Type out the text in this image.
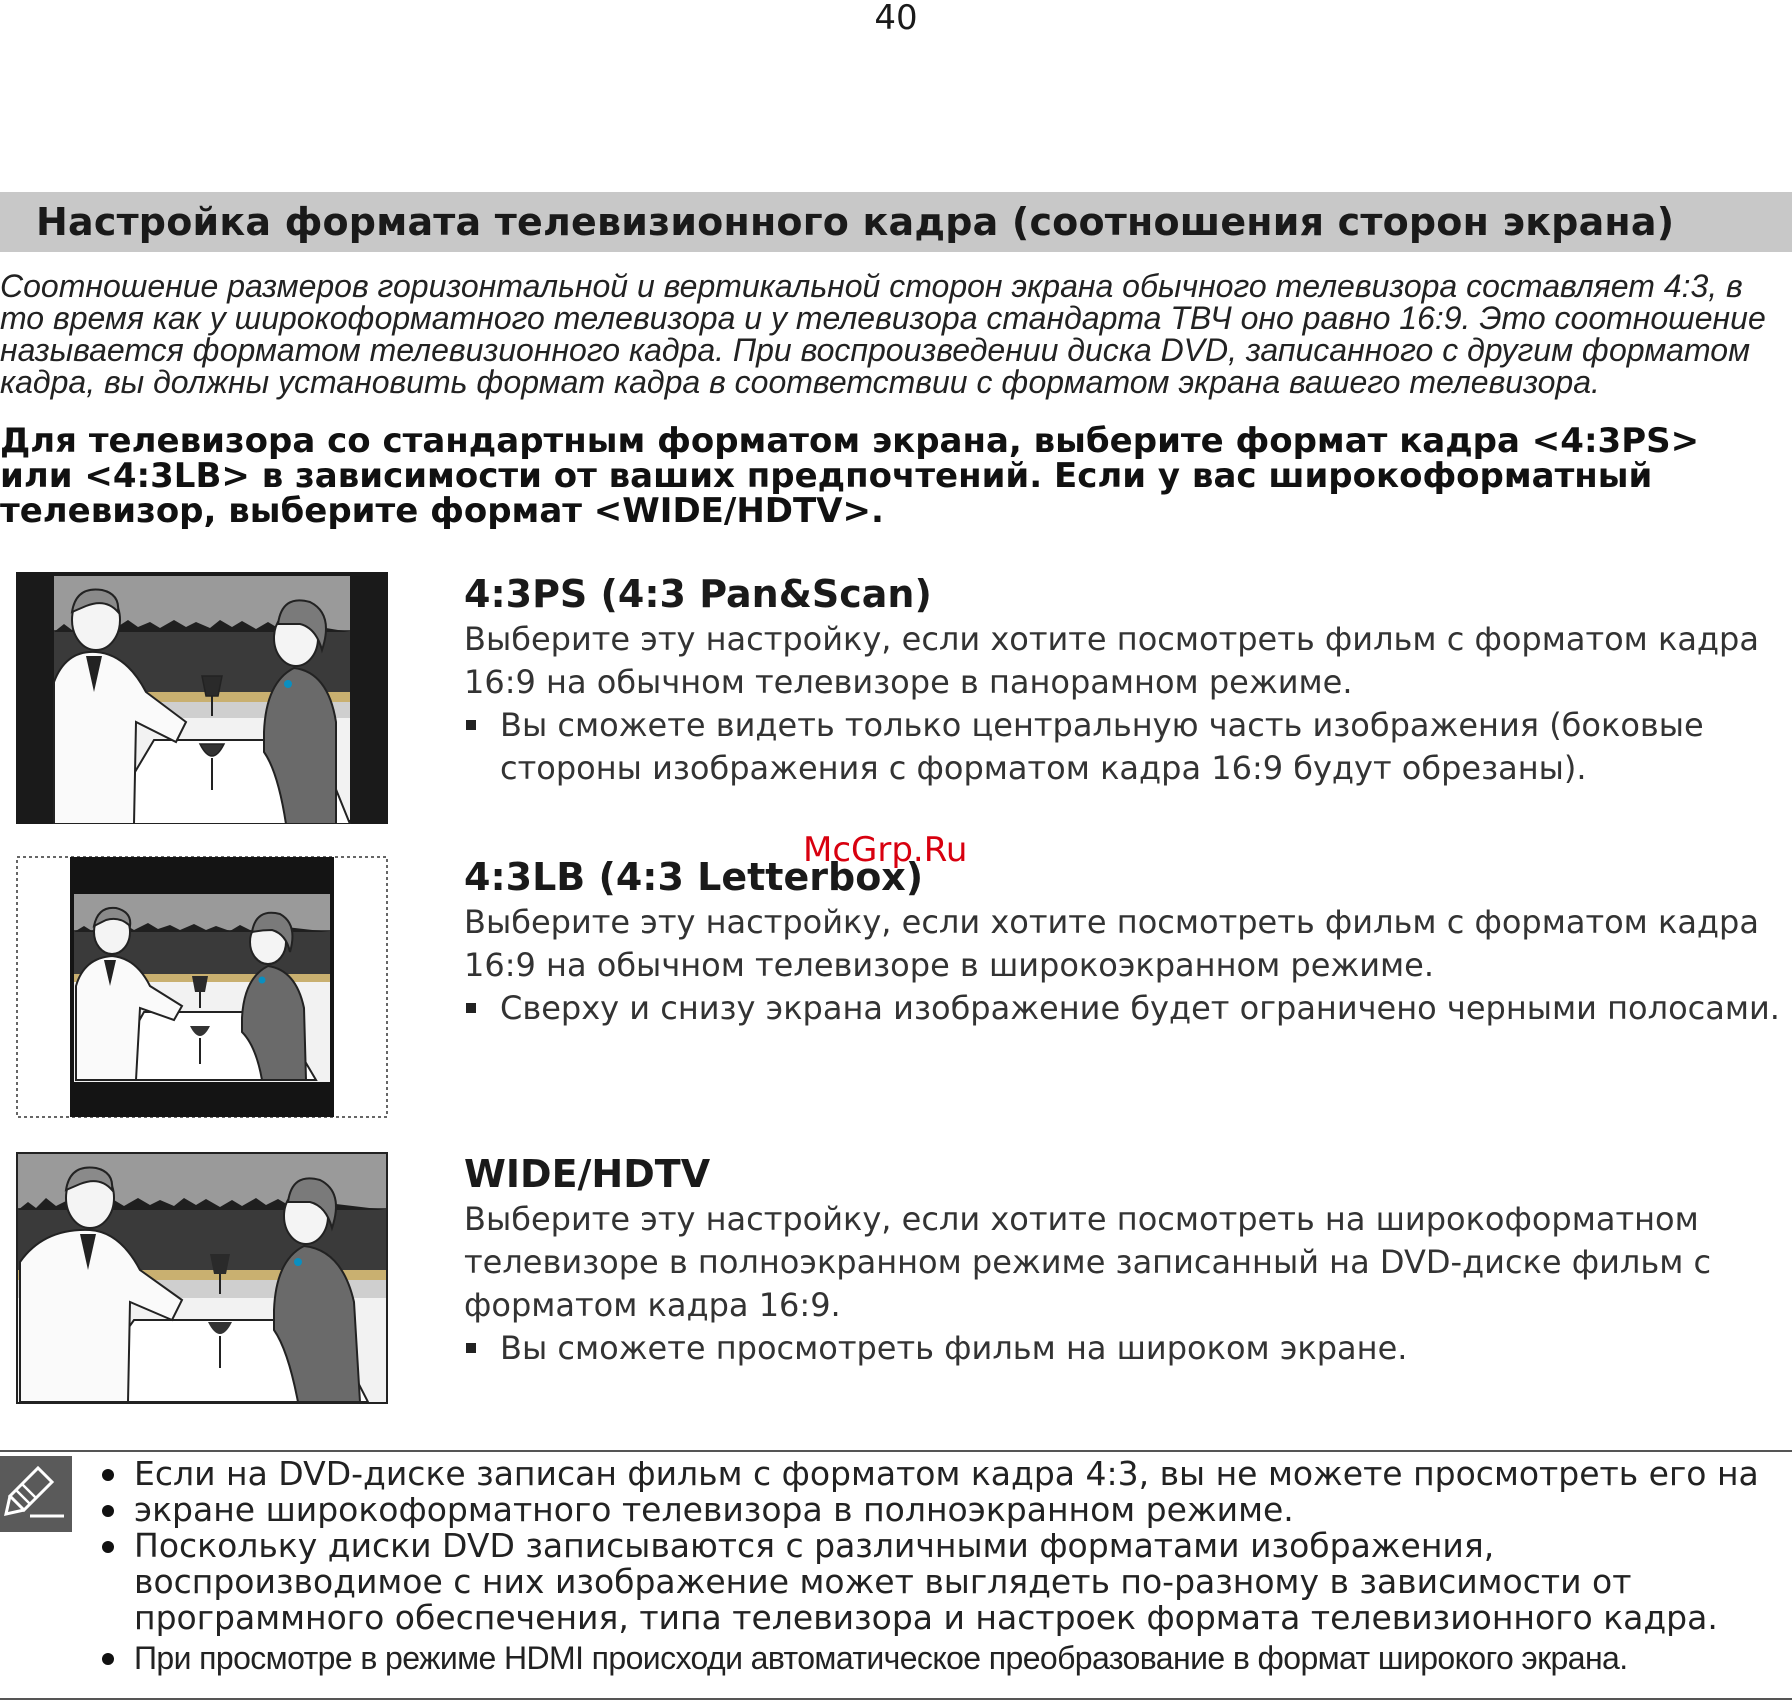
40
Настройка формата телевизионного кадра (соотношения сторон экрана)
Соотношение размеров горизонтальной и вертикальной сторон экрана обычного телевизора составляет 4:3, в то время как у широкоформатного телевизора и у телевизора стандарта ТВЧ оно равно 16:9. Это соотношение называется форматом телевизионного кадра. При воспроизведении диска DVD, записанного с другим форматом кадра, вы должны установить формат кадра в соответствии с форматом экрана вашего телевизора.
Для телевизора со стандартным форматом экрана, выберите формат кадра <4:3PS> или <4:3LB> в зависимости от ваших предпочтений. Если у вас широкоформатный телевизор, выберите формат <WIDE/HDTV>.
4:3PS (4:3 Pan&Scan)
Выберите эту настройку, если хотите посмотреть фильм с форматом кадра 16:9 на обычном телевизоре в панорамном режиме.
Вы сможете видеть только центральную часть изображения (боковые стороны изображения с форматом кадра 16:9 будут обрезаны).
4:3LB (4:3 Letterbox)
Выберите эту настройку, если хотите посмотреть фильм с форматом кадра 16:9 на обычном телевизоре в широкоэкранном режиме.
Сверху и снизу экрана изображение будет ограничено черными полосами.
WIDE/HDTV
Выберите эту настройку, если хотите посмотреть на широкоформатном телевизоре в полноэкранном режиме записанный на DVD-диске фильм с форматом кадра 16:9.
Вы сможете просмотреть фильм на широком экране.
McGrp.Ru
Если на DVD-диске записан фильм с форматом кадра 4:3, вы не можете просмотреть его на
экране широкоформатного телевизора в полноэкранном режиме.
Поскольку диски DVD записываются с различными форматами изображения, воспроизводимое с них изображение может выглядеть по-разному в зависимости от программного обеспечения, типа телевизора и настроек формата телевизионного кадра.
При просмотре в режиме HDMI происходи автоматическое преобразование в формат широкого экрана.
